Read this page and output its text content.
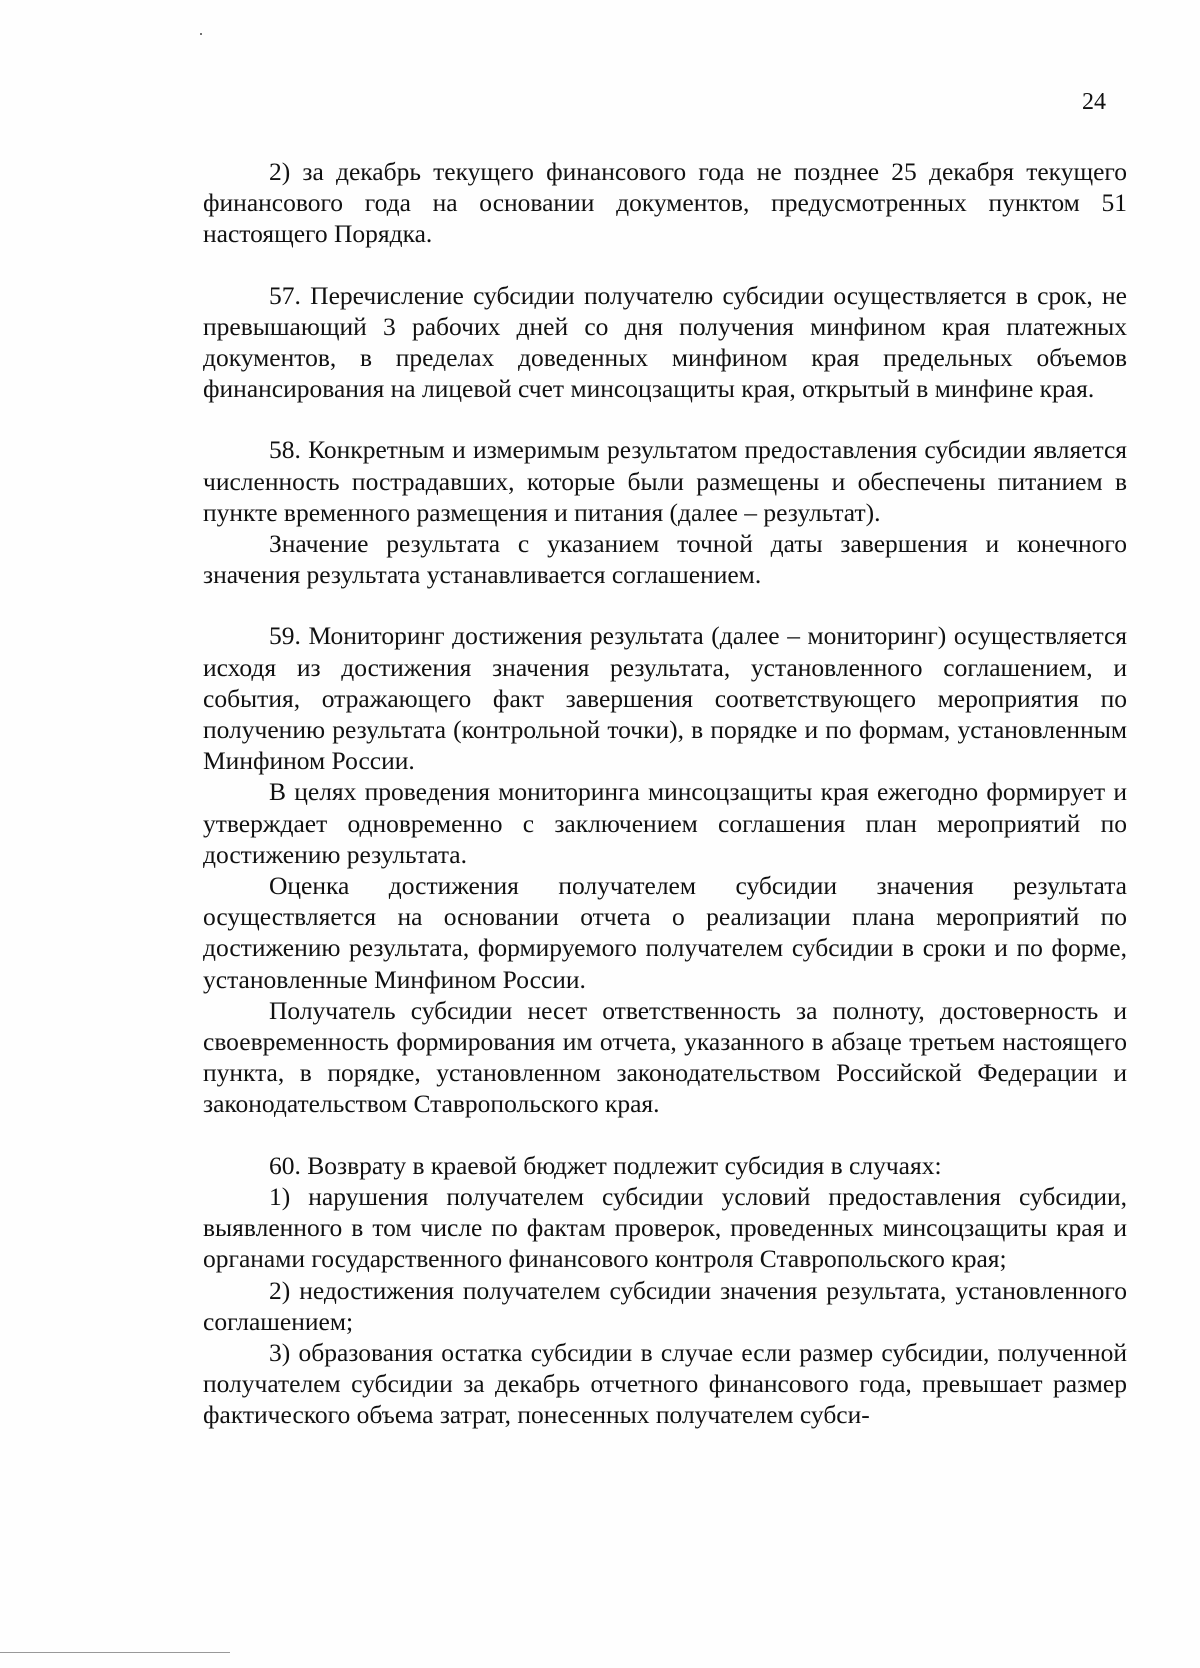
24

2) за декабрь текущего финансового года не позднее 25 декабря текущего финансового года на основании документов, предусмотренных пунктом 51 настоящего Порядка.

57. Перечисление субсидии получателю субсидии осуществляется в срок, не превышающий 3 рабочих дней со дня получения минфином края платежных документов, в пределах доведенных минфином края предельных объемов финансирования на лицевой счет минсоцзащиты края, открытый в минфине края.

58. Конкретным и измеримым результатом предоставления субсидии является численность пострадавших, которые были размещены и обеспечены питанием в пункте временного размещения и питания (далее – результат).

Значение результата с указанием точной даты завершения и конечного значения результата устанавливается соглашением.

59. Мониторинг достижения результата (далее – мониторинг) осуществляется исходя из достижения значения результата, установленного соглашением, и события, отражающего факт завершения соответствующего мероприятия по получению результата (контрольной точки), в порядке и по формам, установленным Минфином России.

В целях проведения мониторинга минсоцзащиты края ежегодно формирует и утверждает одновременно с заключением соглашения план мероприятий по достижению результата.

Оценка достижения получателем субсидии значения результата осуществляется на основании отчета о реализации плана мероприятий по достижению результата, формируемого получателем субсидии в сроки и по форме, установленные Минфином России.

Получатель субсидии несет ответственность за полноту, достоверность и своевременность формирования им отчета, указанного в абзаце третьем настоящего пункта, в порядке, установленном законодательством Российской Федерации и законодательством Ставропольского края.

60. Возврату в краевой бюджет подлежит субсидия в случаях:

1) нарушения получателем субсидии условий предоставления субсидии, выявленного в том числе по фактам проверок, проведенных минсоцзащиты края и органами государственного финансового контроля Ставропольского края;

2) недостижения получателем субсидии значения результата, установленного соглашением;

3) образования остатка субсидии в случае если размер субсидии, полученной получателем субсидии за декабрь отчетного финансового года, превышает размер фактического объема затрат, понесенных получателем субси-
